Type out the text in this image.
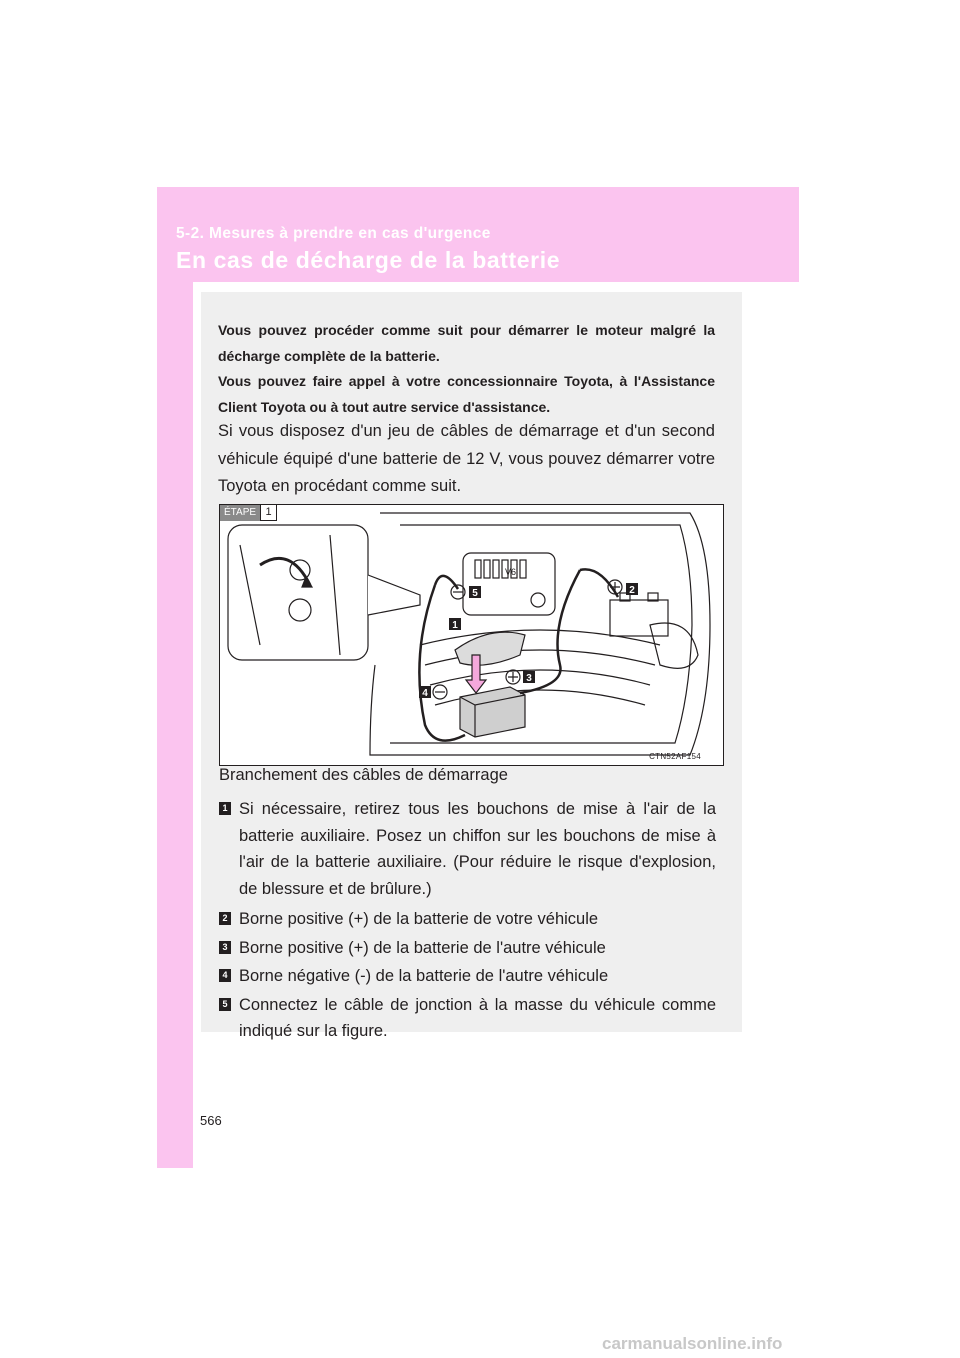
5-2. Mesures à prendre en cas d'urgence

En cas de décharge de la batterie

Vous pouvez procéder comme suit pour démarrer le moteur malgré la décharge complète de la batterie.

Vous pouvez faire appel à votre concessionnaire Toyota, à l'Assistance Client Toyota ou à tout autre service d'assistance.

Si vous disposez d'un jeu de câbles de démarrage et d'un second véhicule équipé d'une batterie de 12 V, vous pouvez démarrer votre Toyota en procédant comme suit.

ÉTAPE 1
V6
1
2
3
4
5
CTN52AF154

Branchement des câbles de démarrage

1 Si nécessaire, retirez tous les bouchons de mise à l'air de la batterie auxiliaire. Posez un chiffon sur les bouchons de mise à l'air de la batterie auxiliaire. (Pour réduire le risque d'explosion, de blessure et de brûlure.)
2 Borne positive (+) de la batterie de votre véhicule
3 Borne positive (+) de la batterie de l'autre véhicule
4 Borne négative (-) de la batterie de l'autre véhicule
5 Connectez le câble de jonction à la masse du véhicule comme indiqué sur la figure.

566

carmanualsonline.info
